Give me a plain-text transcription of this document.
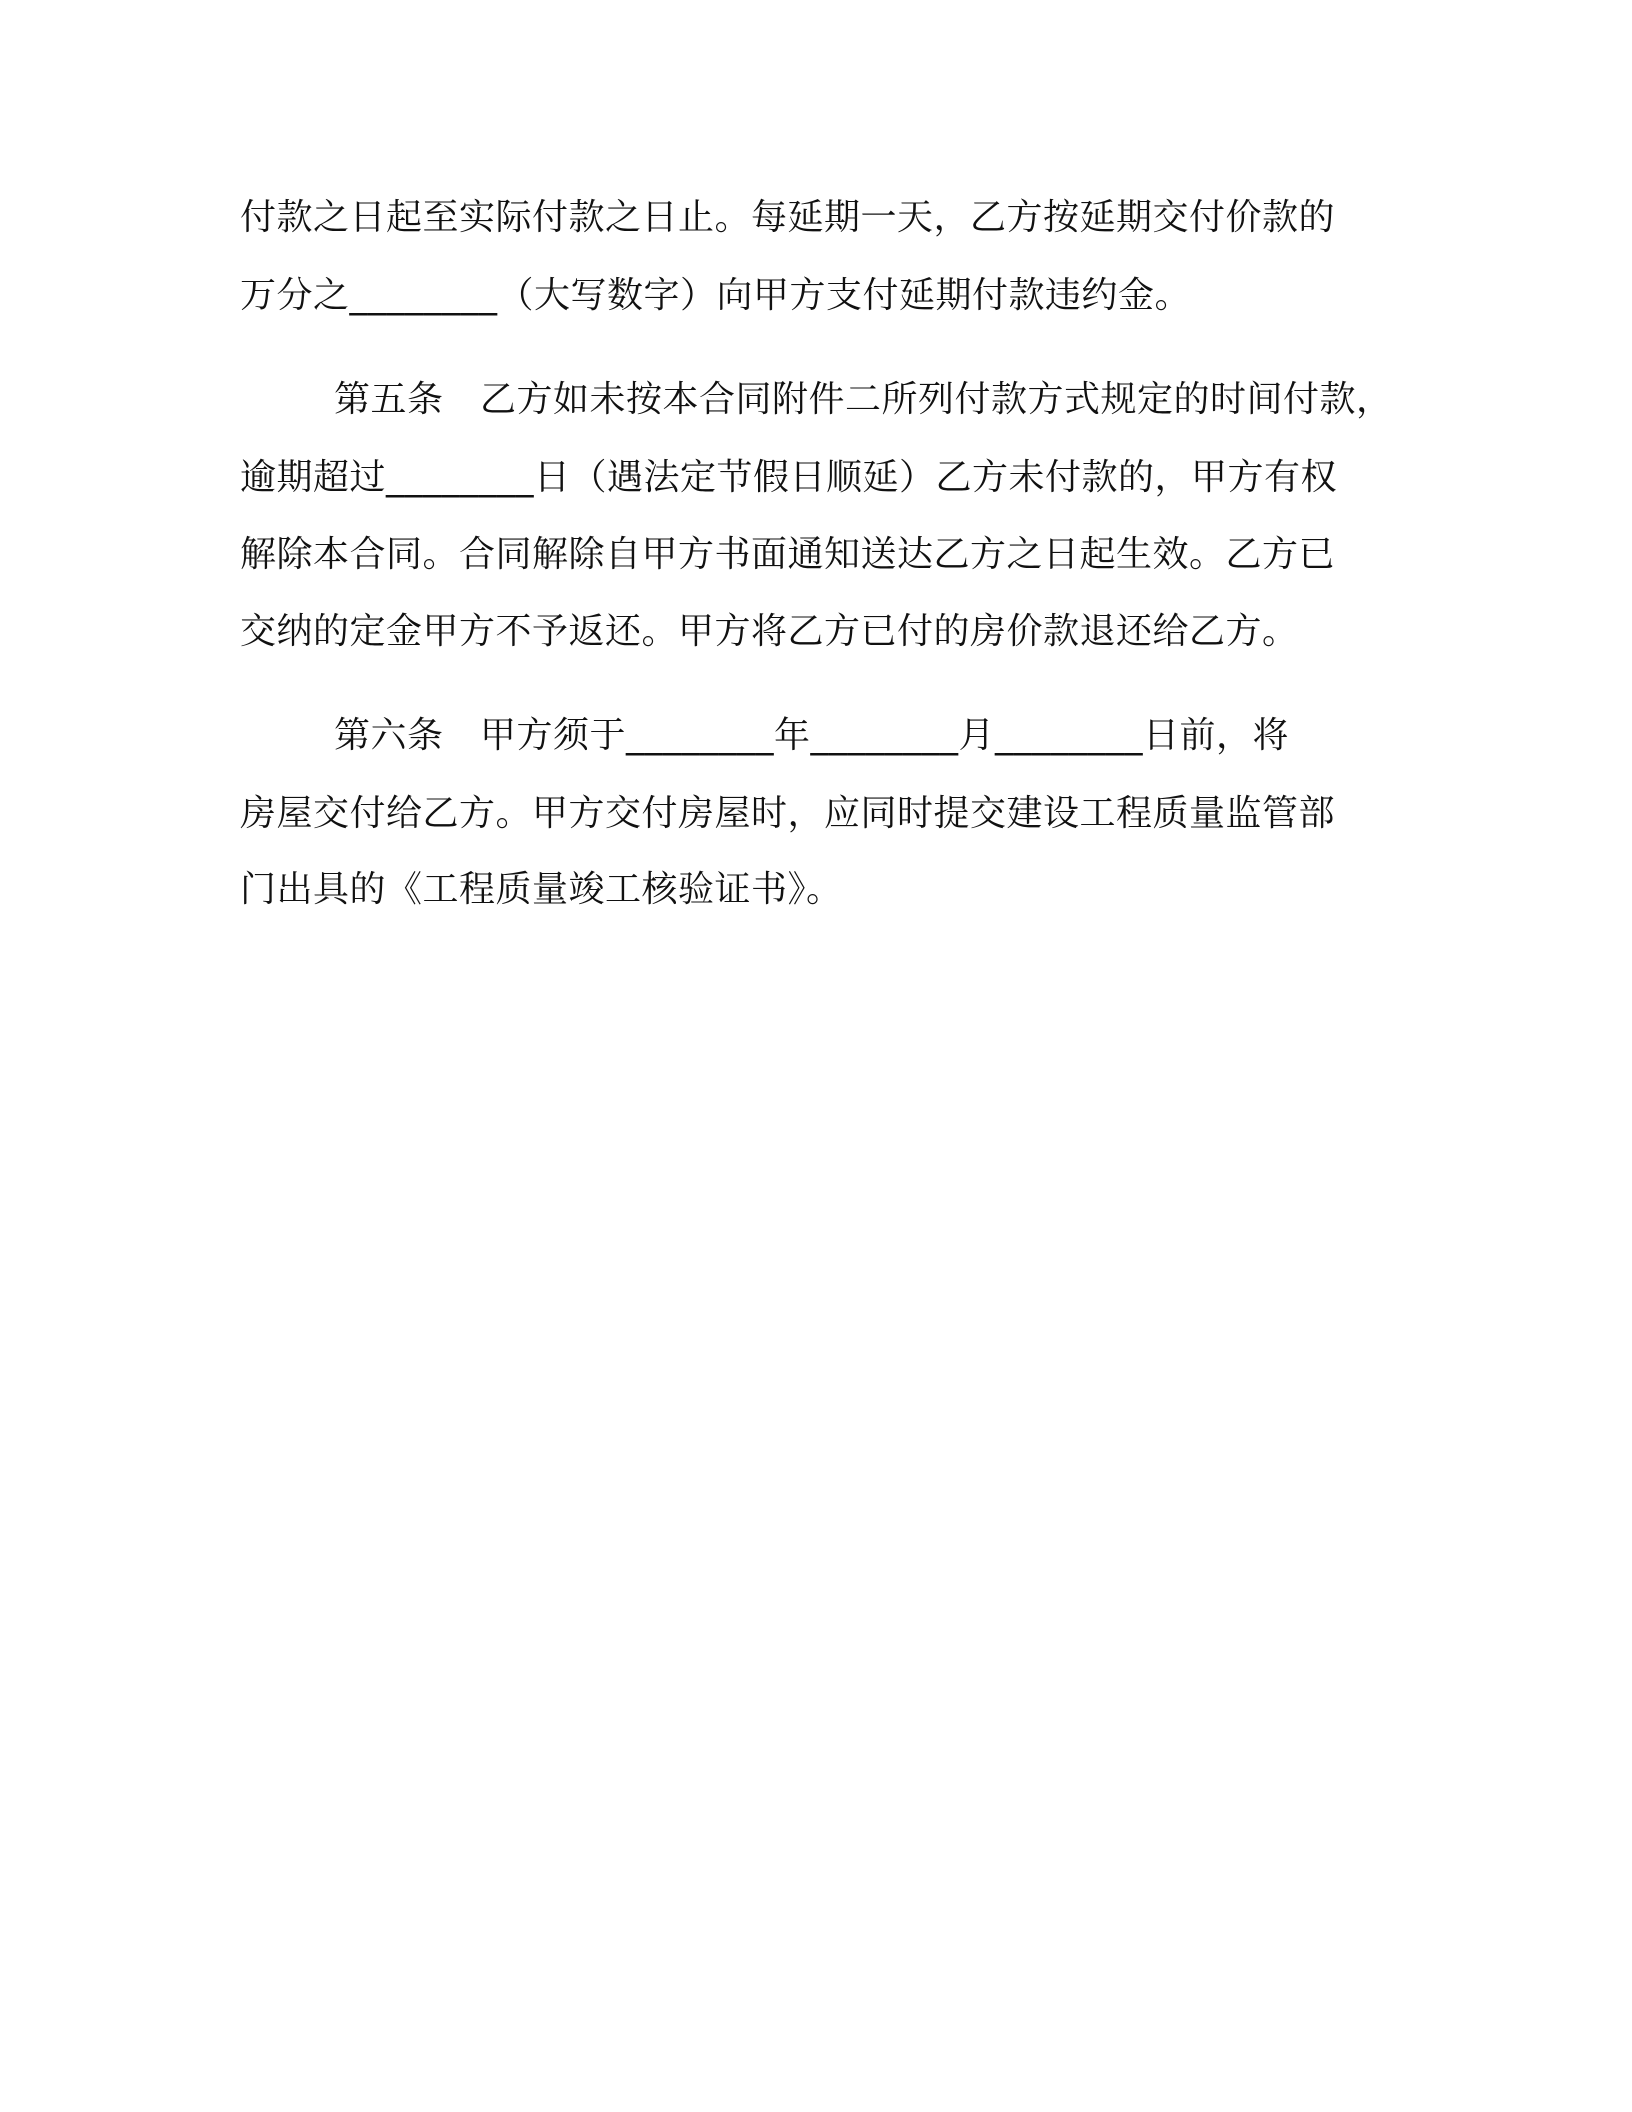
付款之日起至实际付款之日止。每延期一天，乙方按延期交付价款的
万分之________（大写数字）向甲方支付延期付款违约金。
第五条　乙方如未按本合同附件二所列付款方式规定的时间付款，
逾期超过________日（遇法定节假日顺延）乙方未付款的，甲方有权
解除本合同。合同解除自甲方书面通知送达乙方之日起生效。乙方已
交纳的定金甲方不予返还。甲方将乙方已付的房价款退还给乙方。
第六条　甲方须于________年________月________日前，将
房屋交付给乙方。甲方交付房屋时，应同时提交建设工程质量监管部
门出具的《工程质量竣工核验证书》。
